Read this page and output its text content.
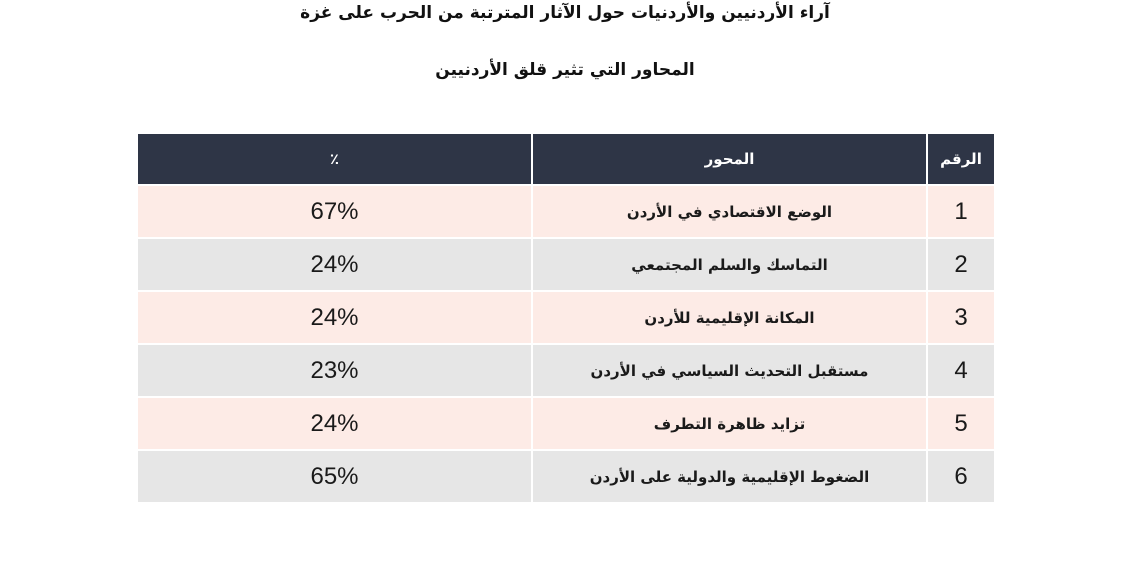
آراء الأردنيين والأردنيات حول الآثار المترتبة من الحرب على غزة
المحاور التي تثير قلق الأردنيين
٪	المحور	الرقم
67%	الوضع الاقتصادي في الأردن	1
24%	التماسك والسلم المجتمعي	2
24%	المكانة الإقليمية للأردن	3
23%	مستقبل التحديث السياسي في الأردن	4
24%	تزايد ظاهرة التطرف	5
65%	الضغوط الإقليمية والدولية على الأردن	6
